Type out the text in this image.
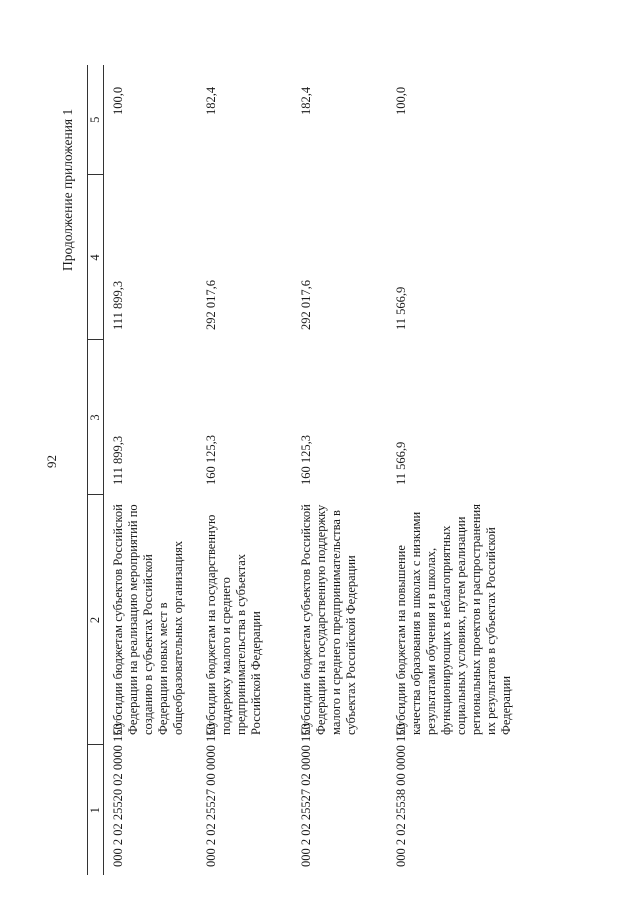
92
Продолжение приложения 1
1	2	3	4	5
000 2 02 25520 02 0000 150	Субсидии бюджетам субъектов Российской Федерации на реализацию мероприятий по созданию в субъектах Российской Федерации новых мест в общеобразовательных организациях	111 899,3	111 899,3	100,0
000 2 02 25527 00 0000 150	Субсидии бюджетам на государственную поддержку малого и среднего предпринимательства в субъектах Российской Федерации	160 125,3	292 017,6	182,4
000 2 02 25527 02 0000 150	Субсидии бюджетам субъектов Российской Федерации на государственную поддержку малого и среднего предпринимательства в субъектах Российской Федерации	160 125,3	292 017,6	182,4
000 2 02 25538 00 0000 150	Субсидии бюджетам на повышение качества образования в школах с низкими результатами обучения и в школах, функционирующих в неблагоприятных социальных условиях, путем реализации региональных проектов и распространения их результатов в субъектах Российской Федерации	11 566,9	11 566,9	100,0
